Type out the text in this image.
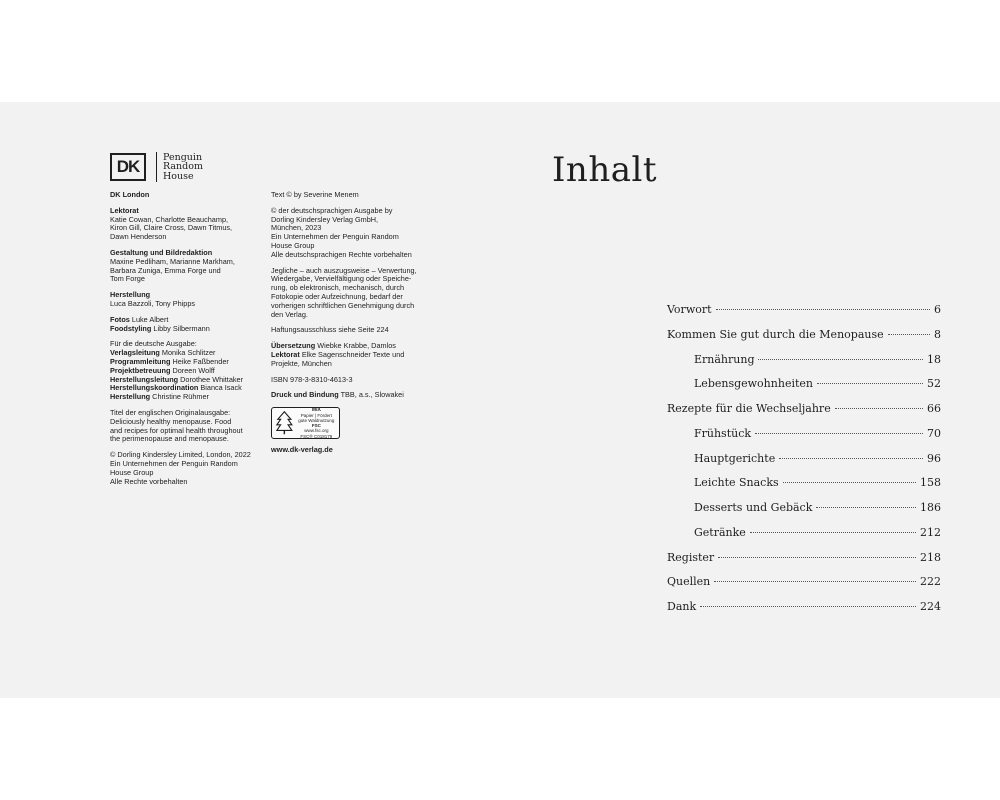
DK	Penguin
Random
House
DK London
Lektorat
Katie Cowan, Charlotte Beauchamp,
Kiron Gill, Claire Cross, Dawn Titmus,
Dawn Henderson
Gestaltung und Bildredaktion
Maxine Pedliham, Marianne Markham,
Barbara Zuniga, Emma Forge und
Tom Forge
Herstellung
Luca Bazzoli, Tony Phipps
Fotos Luke Albert
Foodstyling Libby Silbermann
Für die deutsche Ausgabe:
Verlagsleitung Monika Schlitzer
Programmleitung Heike Faßbender
Projektbetreuung Doreen Wolff
Herstellungsleitung Dorothee Whittaker
Herstellungskoordination Bianca Isack
Herstellung Christine Rühmer
Titel der englischen Originalausgabe:
Deliciously healthy menopause. Food
and recipes for optimal health throughout
the perimenopause and menopause.
© Dorling Kindersley Limited, London, 2022
Ein Unternehmen der Penguin Random
House Group
Alle Rechte vorbehalten
Text © by Severine Menem
© der deutschsprachigen Ausgabe by
Dorling Kindersley Verlag GmbH,
München, 2023
Ein Unternehmen der Penguin Random
House Group
Alle deutschsprachigen Rechte vorbehalten
Jegliche – auch auszugsweise – Verwertung,
Wiedergabe, Vervielfältigung oder Speiche-
rung, ob elektronisch, mechanisch, durch
Fotokopie oder Aufzeichnung, bedarf der
vorherigen schriftlichen Genehmigung durch
den Verlag.
Haftungsausschluss siehe Seite 224
Übersetzung Wiebke Krabbe, Damlos
Lektorat Elke Sagenschneider Texte und
Projekte, München
ISBN 978-3-8310-4613-3
Druck und Bindung TBB, a.s., Slowakei
MIX
Papier | Fördert
gute Waldnutzung
FSC
www.fsc.org
FSC® C018179
www.dk-verlag.de
Inhalt
Vorwort	6
Kommen Sie gut durch die Menopause	8
Ernährung	18
Lebensgewohnheiten	52
Rezepte für die Wechseljahre	66
Frühstück	70
Hauptgerichte	96
Leichte Snacks	158
Desserts und Gebäck	186
Getränke	212
Register	218
Quellen	222
Dank	224
